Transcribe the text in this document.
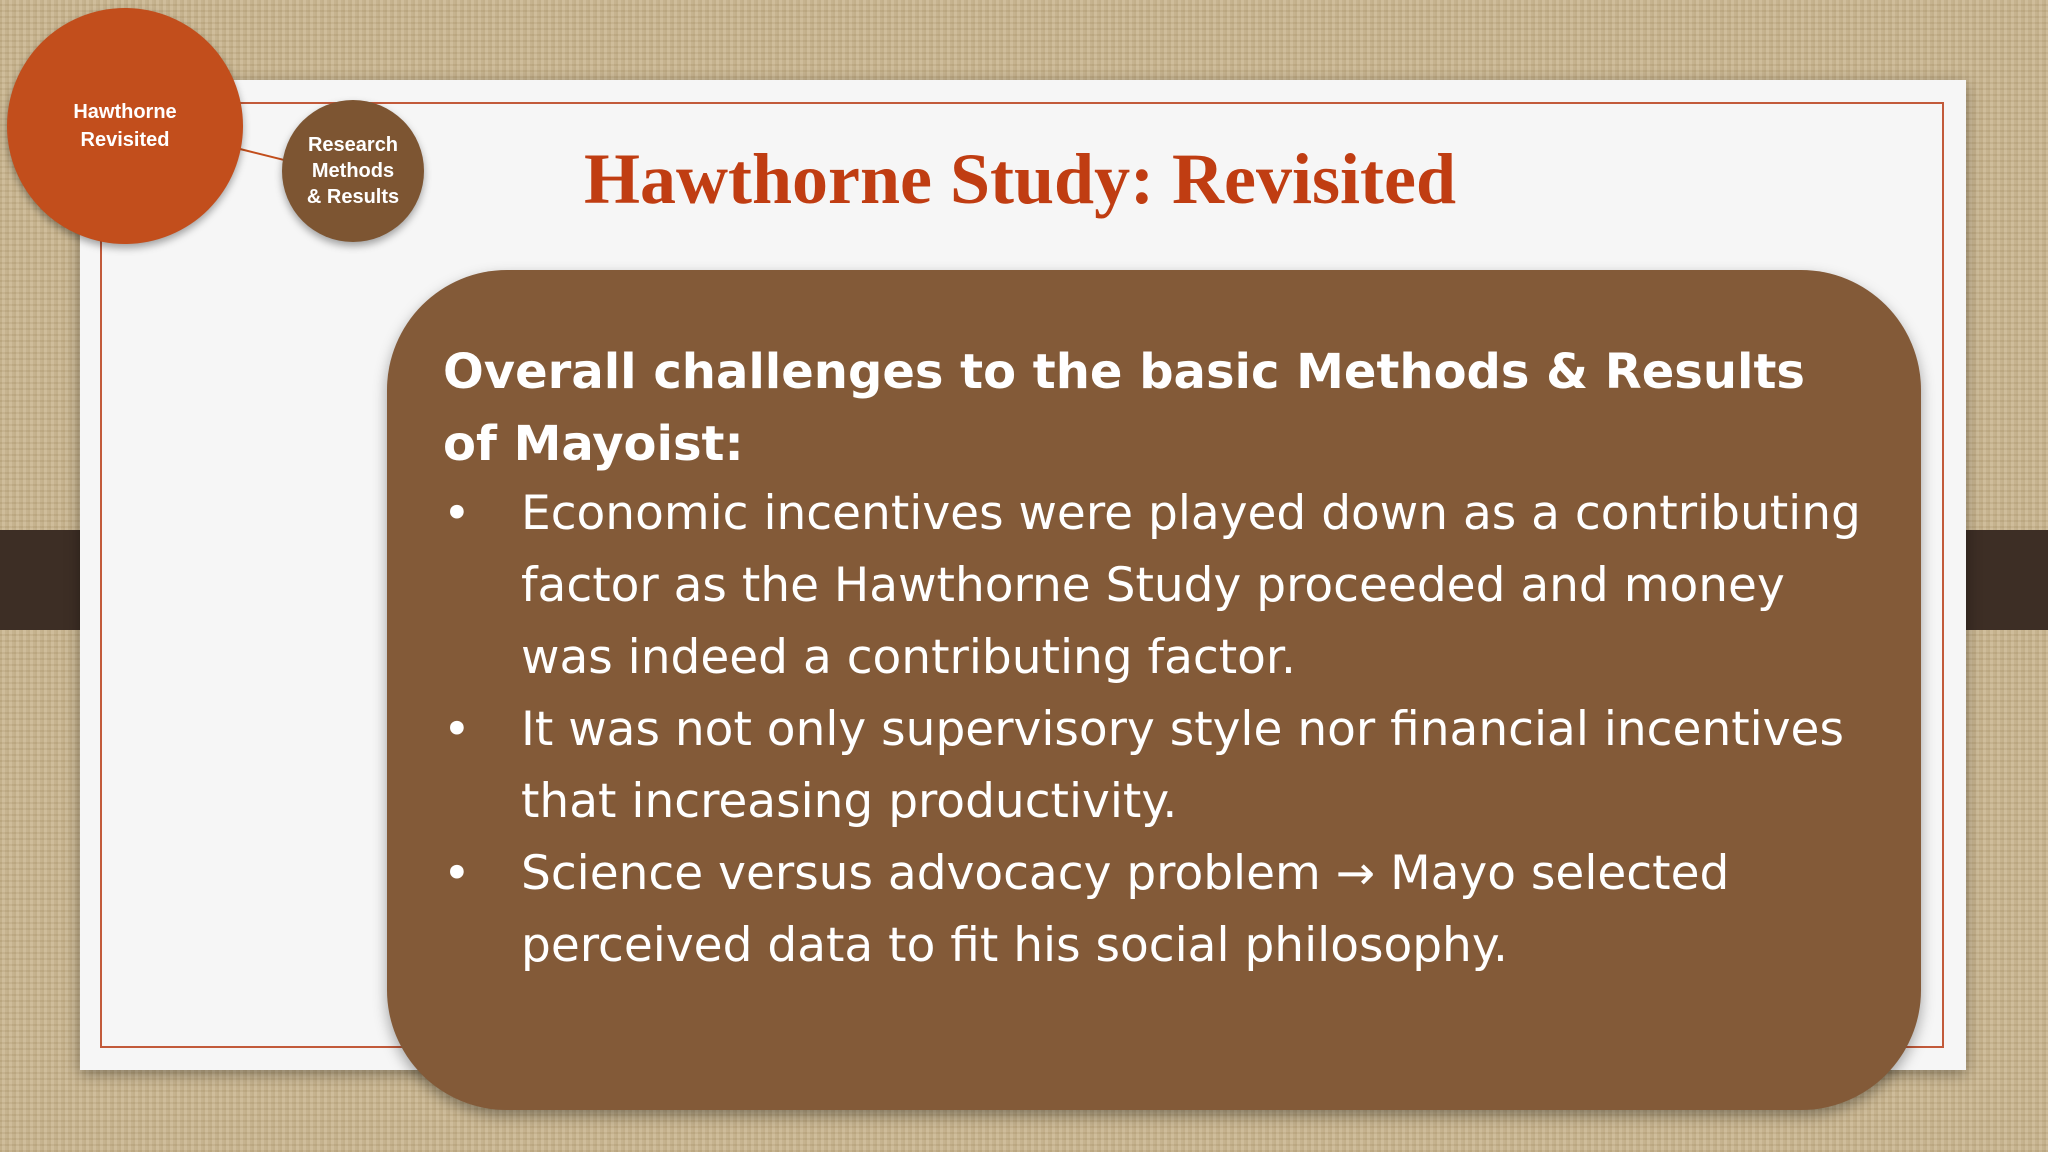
Hawthorne Revisited	Research Methods & Results	Hawthorne Study: Revisited
Overall challenges to the basic Methods & Results of Mayoist:
• Economic incentives were played down as a contributing factor as the Hawthorne Study proceeded and money was indeed a contributing factor.
• It was not only supervisory style nor financial incentives that increasing productivity.
• Science versus advocacy problem → Mayo selected perceived data to fit his social philosophy.
